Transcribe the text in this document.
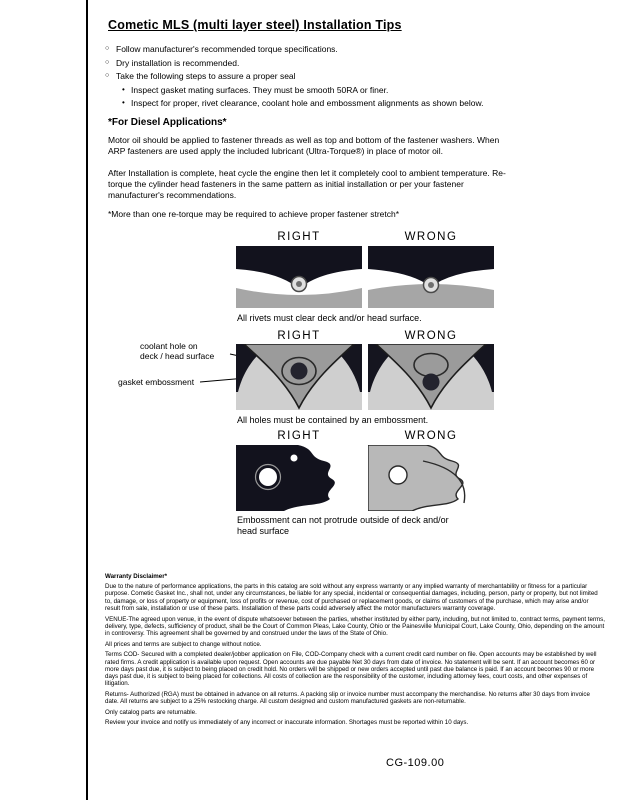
Cometic MLS (multi layer steel) Installation Tips
○ Follow manufacturer's recommended torque specifications.
○ Dry installation is recommended.
○ Take the following steps to assure a proper seal
• Inspect gasket mating surfaces. They must be smooth 50RA or finer.
• Inspect for proper, rivet clearance, coolant hole and embossment alignments as shown below.
*For Diesel Applications*
Motor oil should be applied to fastener threads as well as top and bottom of the fastener washers. When ARP fasteners are used apply the included lubricant (Ultra-Torque®) in place of motor oil.
After Installation is complete, heat cycle the engine then let it completely cool to ambient temperature. Re-torque the cylinder head fasteners in the same pattern as initial installation or per your fastener manufacturer's recommendations.
*More than one re-torque may be required to achieve proper fastener stretch*
RIGHT	WRONG
All rivets must clear deck and/or head surface.
RIGHT	WRONG
coolant hole on
deck / head surface
gasket embossment
All holes must be contained by an embossment.
RIGHT	WRONG
Embossment can not protrude outside of deck and/or head surface
Warranty Disclaimer*

Due to the nature of performance applications, the parts in this catalog are sold without any express warranty or any implied warranty of merchantability or fitness for a particular purpose. Cometic Gasket Inc., shall not, under any circumstances, be liable for any special, incidental or consequential damages, including, person, party or property, but not limited to, damage, or loss of property or equipment, loss of profits or revenue, cost of purchased or replacement goods, or claims of customers of the purchase, which may arise and/or result from sale, installation or use of these parts. Installation of these parts could adversely affect the motor manufacturers warranty coverage.

VENUE-The agreed upon venue, in the event of dispute whatsoever between the parties, whether instituted by either party, including, but not limited to, contract terms, payment terms, delivery, type, defects, sufficiency of product, shall be the Court of Common Pleas, Lake County, Ohio or the Painesville Municipal Court, Lake County, Ohio, depending on the amount in controversy. This agreement shall be governed by and construed under the laws of the State of Ohio.

All prices and terms are subject to change without notice.

Terms COD- Secured with a completed dealer/jobber application on File, COD-Company check with a current credit card number on file. Open accounts may be established by well rated firms. A credit application is available upon request. Open accounts are due payable Net 30 days from date of invoice. No statement will be sent. If an account becomes 60 or more days past due, it is subject to being placed on credit hold. No orders will be shipped or new orders accepted until past due balance is paid. If an account becomes 90 or more days past due, it is subject to being placed for collections. All costs of collection are the responsibility of the customer, including attorney fees, court costs, and other expenses of litigation.

Returns- Authorized (RGA) must be obtained in advance on all returns. A packing slip or invoice number must accompany the merchandise. No returns after 30 days from invoice date. All returns are subject to a 25% restocking charge. All custom designed and custom manufactured gaskets are non-returnable.

Only catalog parts are returnable.

Review your invoice and notify us immediately of any incorrect or inaccurate information. Shortages must be reported within 10 days.

CG-109.00
